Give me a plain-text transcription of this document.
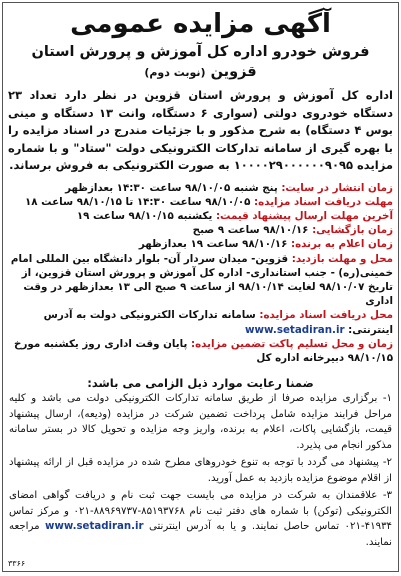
آگهی مزایده عمومی
فروش خودرو اداره کل آموزش و پرورش استان قزوین (نوبت دوم)

اداره کل آموزش و پرورش استان قزوین در نظر دارد تعداد ۲۳ دستگاه خودروی دولتی (سواری ۶ دستگاه، وانت ۱۳ دستگاه و مینی بوس ۴ دستگاه) به شرح مذکور و با جزئیات مندرج در اسناد مزایده را با بهره گیری از سامانه تدارکات الکترونیکی دولت "ستاد" و با شماره مزایده ۱۰۰۰۰۲۹۰۰۰۰۰۰۹۰۹۵ به صورت الکترونیکی به فروش برساند.

زمان انتشار در سایت: پنج شنبه ۹۸/۱۰/۰۵ ساعت ۱۴:۳۰ بعدازظهر

مهلت دریافت اسناد مزایده: ۹۸/۱۰/۰۵ ساعت ۱۴:۳۰ تا ۹۸/۱۰/۱۵ ساعت ۱۸

آخرین مهلت ارسال پیشنهاد قیمت: یکشنبه ۹۸/۱۰/۱۵ ساعت ۱۹

زمان بازگشایی: ۹۸/۱۰/۱۶ ساعت ۹ صبح

زمان اعلام به برنده: ۹۸/۱۰/۱۶ ساعت ۱۹ بعدازظهر

محل و مهلت بازدید: قزوین- میدان سردار آن- بلوار دانشگاه بین المللی امام خمینی(ره) - جنب استانداری- اداره کل آموزش و پرورش استان قزوین، از تاریخ ۹۸/۱۰/۰۷ لغایت ۹۸/۱۰/۱۴ از ساعت ۹ صبح الی ۱۳ بعدازظهر در وقت اداری

محل دریافت اسناد مزایده: سامانه تدارکات الکترونیکی دولت به آدرس اینترنتی: www.setadiran.ir

زمان و محل تسلیم پاکت تضمین مزایده: پایان وقت اداری روز یکشنبه مورخ ۹۸/۱۰/۱۵ دبیرخانه اداره کل

ضمنا رعایت موارد ذیل الزامی می باشد:

۱- برگزاری مزایده صرفا از طریق سامانه تدارکات الکترونیکی دولت می باشد و کلیه مراحل فرایند مزایده شامل پرداخت تضمین شرکت در مزایده (ودیعه)، ارسال پیشنهاد قیمت، بازگشایی پاکات، اعلام به برنده، واریز وجه مزایده و تحویل کالا در بستر سامانه مذکور انجام می پذیرد.

۲- پیشنهاد می گردد با توجه به تنوع خودروهای مطرح شده در مزایده قبل از ارائه پیشنهاد از اقلام موضوع مزایده بازدید به عمل آورید.

۳- علاقمندان به شرکت در مزایده می بایست جهت ثبت نام و دریافت گواهی امضای الکترونیکی (توکن) با شماره های دفتر ثبت نام ۸۵۱۹۳۷۶۸-۸۸۹۶۹۷۳۷-۰۲۱ و مرکز تماس ۴۱۹۳۴-۰۲۱ تماس حاصل نمایند. و یا به آدرس اینترنتی www.setadiran.ir مراجعه نمایند.

۳۳۶۶
